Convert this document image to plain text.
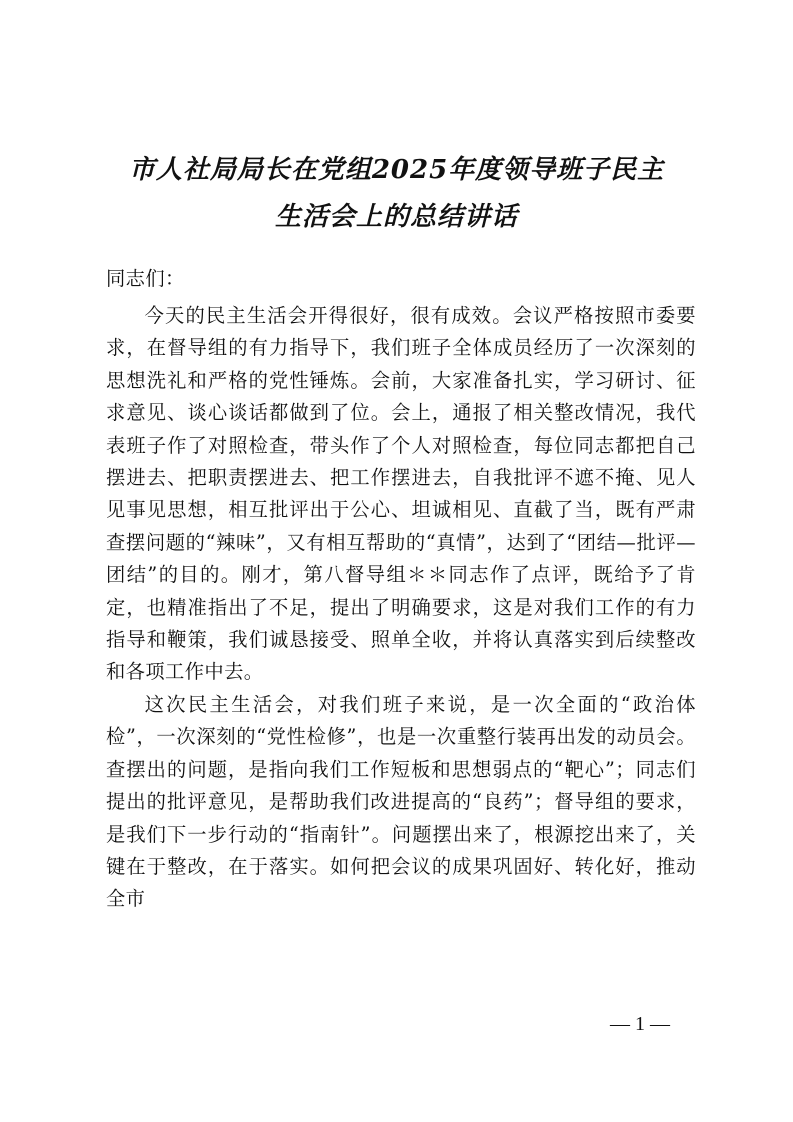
市人社局局长在党组2025年度领导班子民主
生活会上的总结讲话

同志们：

今天的民主生活会开得很好，很有成效。会议严格按照市委要求，在督导组的有力指导下，我们班子全体成员经历了一次深刻的思想洗礼和严格的党性锤炼。会前，大家准备扎实，学习研讨、征求意见、谈心谈话都做到了位。会上，通报了相关整改情况，我代表班子作了对照检查，带头作了个人对照检查，每位同志都把自己摆进去、把职责摆进去、把工作摆进去，自我批评不遮不掩、见人见事见思想，相互批评出于公心、坦诚相见、直截了当，既有严肃查摆问题的“辣味”，又有相互帮助的“真情”，达到了“团结—批评—团结”的目的。刚才，第八督导组＊＊同志作了点评，既给予了肯定，也精准指出了不足，提出了明确要求，这是对我们工作的有力指导和鞭策，我们诚恳接受、照单全收，并将认真落实到后续整改和各项工作中去。

这次民主生活会，对我们班子来说，是一次全面的“政治体检”，一次深刻的“党性检修”，也是一次重整行装再出发的动员会。查摆出的问题，是指向我们工作短板和思想弱点的“靶心”；同志们提出的批评意见，是帮助我们改进提高的“良药”；督导组的要求，是我们下一步行动的“指南针”。问题摆出来了，根源挖出来了，关键在于整改，在于落实。如何把会议的成果巩固好、转化好，推动全市

— 1 —
